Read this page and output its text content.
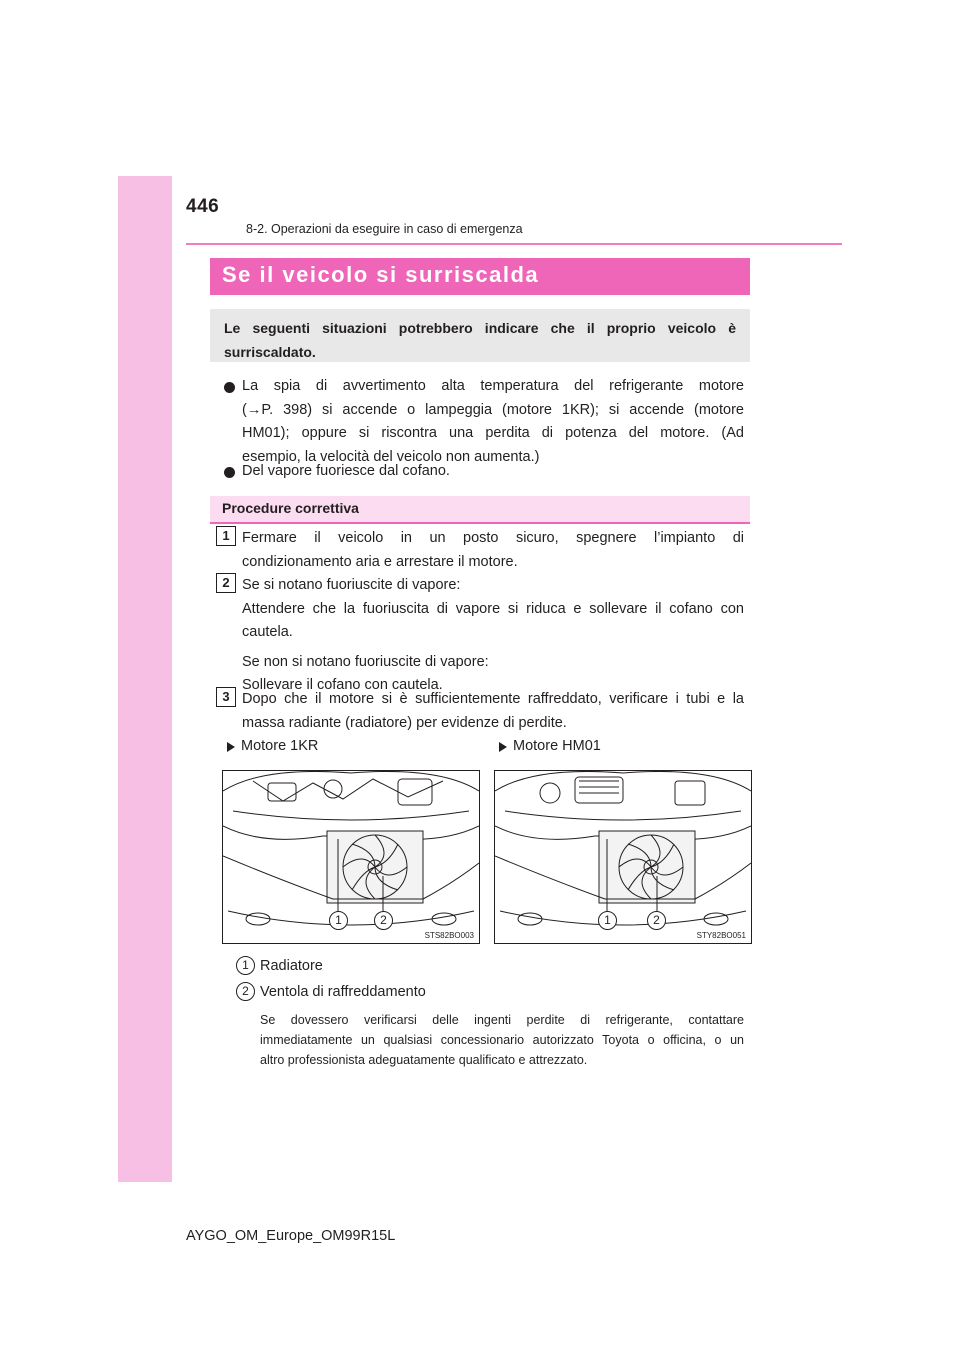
446
8-2. Operazioni da eseguire in caso di emergenza
Se il veicolo si surriscalda
Le seguenti situazioni potrebbero indicare che il proprio veicolo è surriscaldato.
La spia di avvertimento alta temperatura del refrigerante motore
(→P. 398) si accende o lampeggia (motore 1KR); si accende (motore
HM01); oppure si riscontra una perdita di potenza del motore. (Ad
esempio, la velocità del veicolo non aumenta.)
Del vapore fuoriesce dal cofano.
Procedure correttiva
1 Fermare il veicolo in un posto sicuro, spegnere l’impianto di
condizionamento aria e arrestare il motore.
2 Se si notano fuoriuscite di vapore:
Attendere che la fuoriuscita di vapore si riduca e sollevare il cofano con
cautela.
Se non si notano fuoriuscite di vapore:
Sollevare il cofano con cautela.
3 Dopo che il motore si è sufficientemente raffreddato, verificare i tubi e la
massa radiante (radiatore) per evidenze di perdite.
Motore 1KR	Motore HM01
1	2
STS82BO003
1	2
STY82BO051
1 Radiatore
2 Ventola di raffreddamento
Se dovessero verificarsi delle ingenti perdite di refrigerante, contattare
immediatamente un qualsiasi concessionario autorizzato Toyota o officina, o un
altro professionista adeguatamente qualificato e attrezzato.
AYGO_OM_Europe_OM99R15L
